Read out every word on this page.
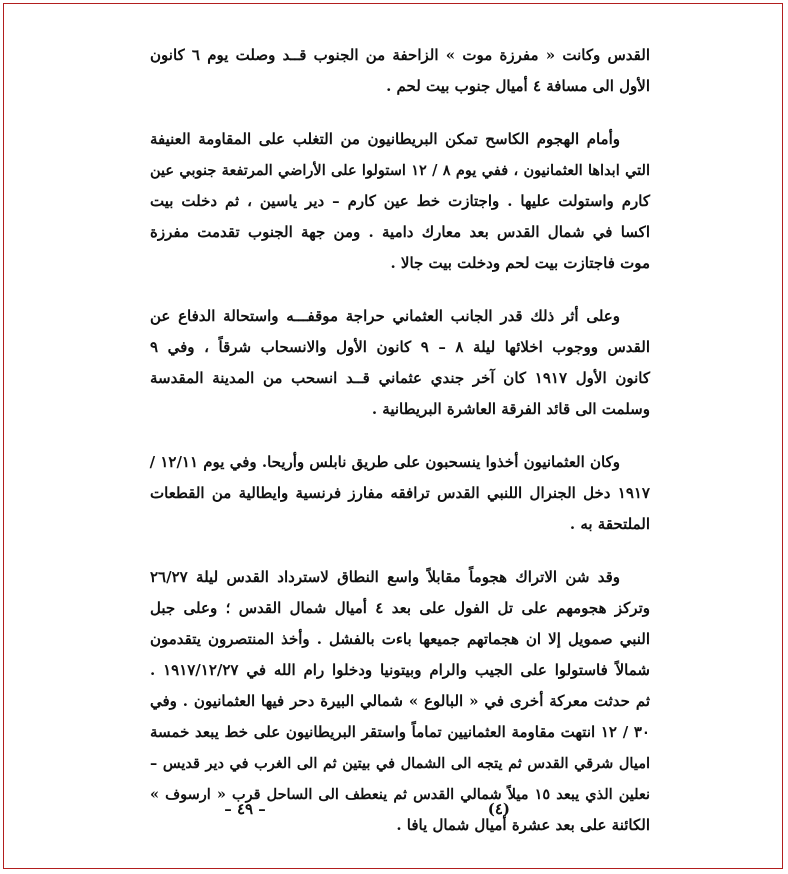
القدس وكانت « مفرزة موت » الزاحفة من الجنوب قــد وصلت يوم ٦ كانون
الأول الى مسافة ٤ أميال جنوب بيت لحم .

وأمام الهجوم الكاسح تمكن البريطانيون من التغلب على المقاومة العنيفة
التي ابداها العثمانيون ، ففي يوم ٨ / ١٢ استولوا على الأراضي المرتفعة جنوبي عين
كارم واستولت عليها . واجتازت خط عين كارم – دير ياسين ، ثم دخلت بيت
اكسا في شمال القدس بعد معارك دامية . ومن جهة الجنوب تقدمت مفرزة
موت فاجتازت بيت لحم ودخلت بيت جالا .

وعلى أثر ذلك قدر الجانب العثماني حراجة موقفـــه واستحالة الدفاع عن
القدس ووجوب اخلائها ليلة ٨ – ٩ كانون الأول والانسحاب شرقاً ، وفي ٩
كانون الأول ١٩١٧ كان آخر جندي عثماني قــد انسحب من المدينة المقدسة
وسلمت الى قائد الفرقة العاشرة البريطانية .

وكان العثمانيون أخذوا ينسحبون على طريق نابلس وأريحا. وفي يوم ١٢/١١ /
١٩١٧ دخل الجنرال اللنبي القدس ترافقه مفارز فرنسية وايطالية من القطعات
الملتحقة به .

وقد شن الاتراك هجوماً مقابلاً واسع النطاق لاسترداد القدس ليلة ٢٦/٢٧
وتركز هجومهم على تل الفول على بعد ٤ أميال شمال القدس ؛ وعلى جبل
النبي صمويل إلا ان هجماتهم جميعها باءت بالفشل . وأخذ المنتصرون يتقدمون
شمالاً فاستولوا على الجيب والرام وبيتونيا ودخلوا رام الله في ١٩١٧/١٢/٢٧ .
ثم حدثت معركة أخرى في « البالوع » شمالي البيرة دحر فيها العثمانيون . وفي
٣٠ / ١٢ انتهت مقاومة العثمانيين تماماً واستقر البريطانيون على خط يبعد خمسة
اميال شرقي القدس ثم يتجه الى الشمال في بيتين ثم الى الغرب في دير قديس –
نعلين الذي يبعد ١٥ ميلاً شمالي القدس ثم ينعطف الى الساحل قرب « ارسوف »
الكائنة على بعد عشرة أميال شمال يافا .

(٤)
– ٤٩ –
